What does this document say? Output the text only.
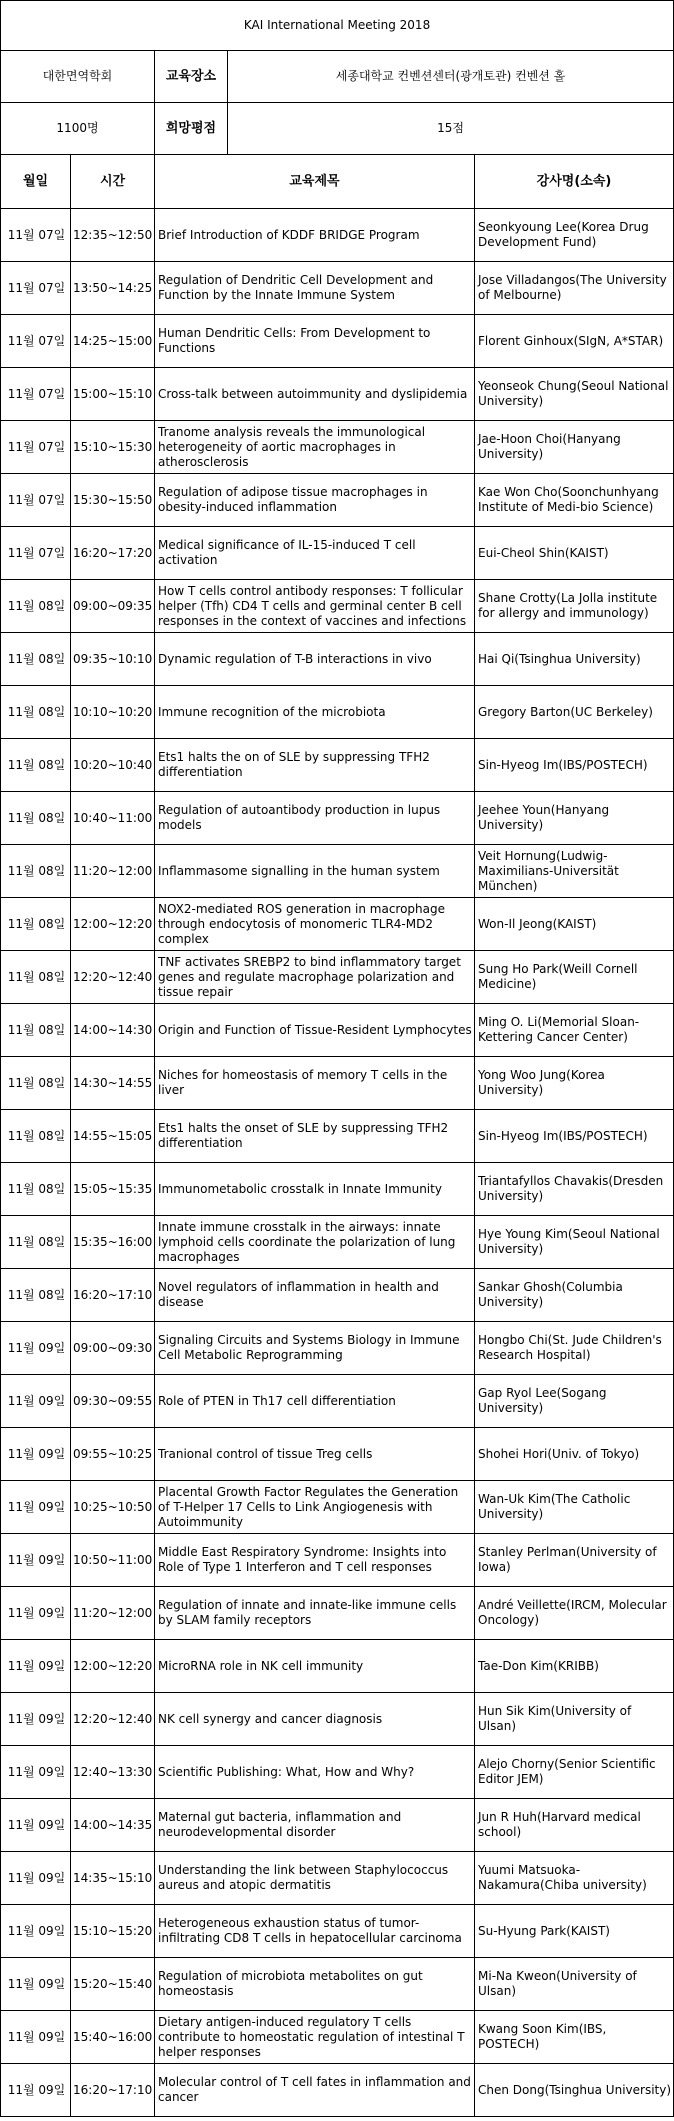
KAI International Meeting 2018			
대한면역학회		교육장소 세종대학교 컨벤션센터(광개토관) 컨벤션 홀	

1100명		희망평점 15점	

월일	시간	교육제목	강사명(소속)
11월 07일	12:35~12:50	Brief Introduction of KDDF BRIDGE Program	Seonkyoung Lee(Korea Drug Development Fund)
11월 07일	13:50~14:25	Regulation of Dendritic Cell Development and Function by the Innate Immune System	Jose Villadangos(The University of Melbourne)
11월 07일	14:25~15:00	Human Dendritic Cells: From Development to Functions	Florent Ginhoux(SIgN, A*STAR)
11월 07일	15:00~15:10	Cross-talk between autoimmunity and dyslipidemia	Yeonseok Chung(Seoul National University)
11월 07일	15:10~15:30	Tranome analysis reveals the immunological heterogeneity of aortic macrophages in atherosclerosis	Jae-Hoon Choi(Hanyang University)
11월 07일	15:30~15:50	Regulation of adipose tissue macrophages in obesity-induced inflammation	Kae Won Cho(Soonchunhyang Institute of Medi-bio Science)
11월 07일	16:20~17:20	Medical significance of IL-15-induced T cell activation	Eui-Cheol Shin(KAIST)
11월 08일	09:00~09:35	How T cells control antibody responses: T follicular helper (Tfh) CD4 T cells and germinal center B cell responses in the context of vaccines and infections	Shane Crotty(La Jolla institute for allergy and immunology)
11월 08일	09:35~10:10	Dynamic regulation of T-B interactions in vivo	Hai Qi(Tsinghua University)
11월 08일	10:10~10:20	Immune recognition of the microbiota	Gregory Barton(UC Berkeley)
11월 08일	10:20~10:40	Ets1 halts the on of SLE by suppressing TFH2 differentiation	Sin-Hyeog Im(IBS/POSTECH)
11월 08일	10:40~11:00	Regulation of autoantibody production in lupus models	Jeehee Youn(Hanyang University)
11월 08일	11:20~12:00	Inflammasome signalling in the human system	Veit Hornung(Ludwig-Maximilians-Universität München)
11월 08일	12:00~12:20	NOX2-mediated ROS generation in macrophage through endocytosis of monomeric TLR4-MD2 complex	Won-Il Jeong(KAIST)
11월 08일	12:20~12:40	TNF activates SREBP2 to bind inflammatory target genes and regulate macrophage polarization and tissue repair	Sung Ho Park(Weill Cornell Medicine)
11월 08일	14:00~14:30	Origin and Function of Tissue-Resident Lymphocytes	Ming O. Li(Memorial Sloan-Kettering Cancer Center)
11월 08일	14:30~14:55	Niches for homeostasis of memory T cells in the liver	Yong Woo Jung(Korea University)
11월 08일	14:55~15:05	Ets1 halts the onset of SLE by suppressing TFH2 differentiation	Sin-Hyeog Im(IBS/POSTECH)
11월 08일	15:05~15:35	Immunometabolic crosstalk in Innate Immunity	Triantafyllos Chavakis(Dresden University)
11월 08일	15:35~16:00	Innate immune crosstalk in the airways: innate lymphoid cells coordinate the polarization of lung macrophages	Hye Young Kim(Seoul National University)
11월 08일	16:20~17:10	Novel regulators of inflammation in health and disease	Sankar Ghosh(Columbia University)
11월 09일	09:00~09:30	Signaling Circuits and Systems Biology in Immune Cell Metabolic Reprogramming	Hongbo Chi(St. Jude Children's Research Hospital)
11월 09일	09:30~09:55	Role of PTEN in Th17 cell differentiation	Gap Ryol Lee(Sogang University)
11월 09일	09:55~10:25	Tranional control of tissue Treg cells	Shohei Hori(Univ. of Tokyo)
11월 09일	10:25~10:50	Placental Growth Factor Regulates the Generation of T-Helper 17 Cells to Link Angiogenesis with Autoimmunity	Wan-Uk Kim(The Catholic University)
11월 09일	10:50~11:00	Middle East Respiratory Syndrome: Insights into Role of Type 1 Interferon and T cell responses	Stanley Perlman(University of Iowa)
11월 09일	11:20~12:00	Regulation of innate and innate-like immune cells by SLAM family receptors	André Veillette(IRCM, Molecular Oncology)
11월 09일	12:00~12:20	MicroRNA role in NK cell immunity	Tae-Don Kim(KRIBB)
11월 09일	12:20~12:40	NK cell synergy and cancer diagnosis	Hun Sik Kim(University of Ulsan)
11월 09일	12:40~13:30	Scientific Publishing: What, How and Why?	Alejo Chorny(Senior Scientific Editor JEM)
11월 09일	14:00~14:35	Maternal gut bacteria, inflammation and neurodevelopmental disorder	Jun R Huh(Harvard medical school)
11월 09일	14:35~15:10	Understanding the link between Staphylococcus aureus and atopic dermatitis	Yuumi Matsuoka-Nakamura(Chiba university)
11월 09일	15:10~15:20	Heterogeneous exhaustion status of tumor-infiltrating CD8 T cells in hepatocellular carcinoma	Su-Hyung Park(KAIST)
11월 09일	15:20~15:40	Regulation of microbiota metabolites on gut homeostasis	Mi-Na Kweon(University of Ulsan)
11월 09일	15:40~16:00	Dietary antigen-induced regulatory T cells contribute to homeostatic regulation of intestinal T helper responses	Kwang Soon Kim(IBS, POSTECH)
11월 09일	16:20~17:10	Molecular control of T cell fates in inflammation and cancer	Chen Dong(Tsinghua University)
